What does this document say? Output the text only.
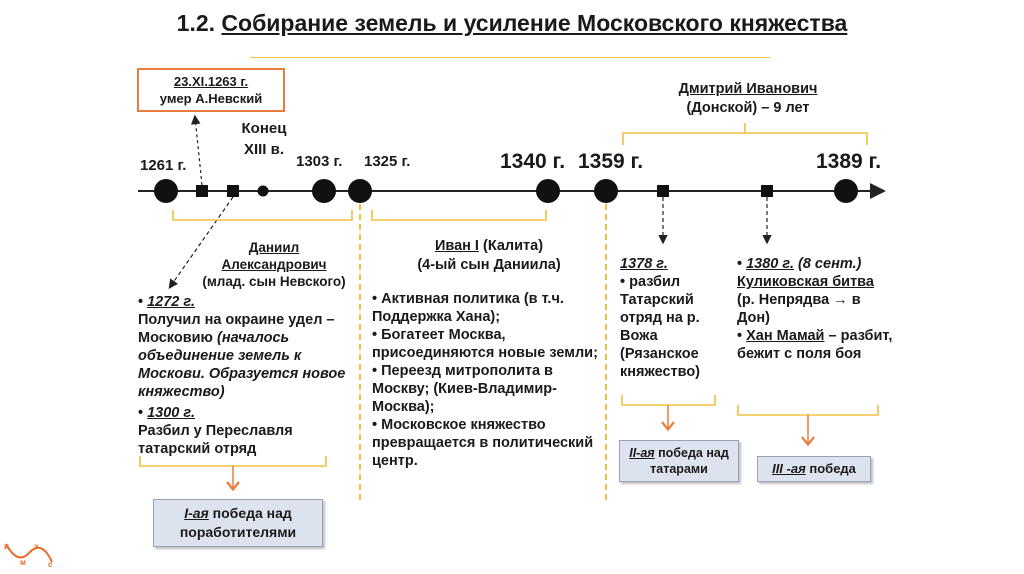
1.2. Собирание земель и усиление Московского княжества
23.XI.1263 г.
умер А.Невский
Дмитрий Иванович
(Донской) – 9 лет
Конец
XIII в.
1261 г.	1303 г. 1325 г.	1340 г. 1359 г.	1389 г.
Даниил
Александрович
(млад. сын Невского)
• 1272 г.
Получил на окраине удел – Московию (началось объединение земель к Москови. Образуется новое княжество)
• 1300 г.
Разбил у Переславля татарский отряд
Иван I (Калита)
(4-ый сын Даниила)
• Активная политика (в т.ч. Поддержка Хана);
• Богатеет Москва, присоединяются новые земли;
• Переезд митрополита в Москву; (Киев-Владимир-Москва);
• Московское княжество превращается в политический центр.
1378 г.
• разбил Татарский отряд на р. Вожа (Рязанское княжество)
• 1380 г. (8 сент.)
Куликовская битва
(р. Непрядва → в Дон)
• Хан Мамай – разбит, бежит с поля боя
I-ая победа над поработителями
II-ая победа над татарами	III -ая победа
и
м
э
с
